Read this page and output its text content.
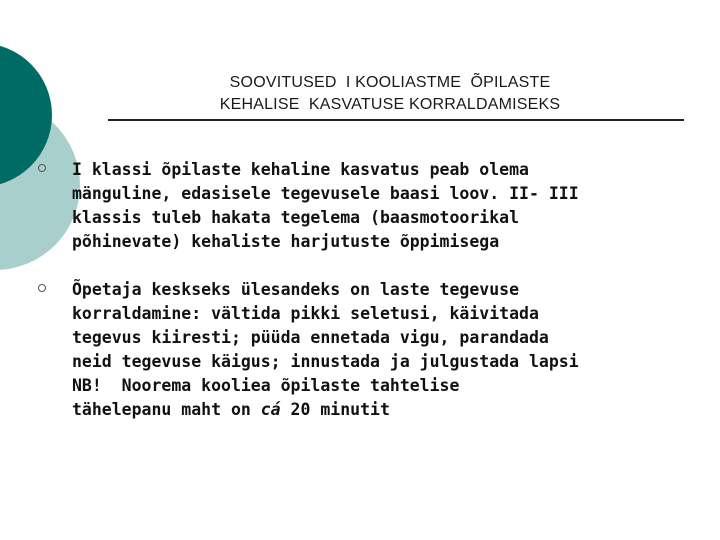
SOOVITUSED  I KOOLIASTME  ÕPILASTE
KEHALISE  KASVATUSE KORRALDAMISEKS
I klassi õpilaste kehaline kasvatus peab olema
mänguline, edasisele tegevusele baasi loov. II- III
klassis tuleb hakata tegelema (baasmotoorikal
põhinevate) kehaliste harjutuste õppimisega
Õpetaja keskseks ülesandeks on laste tegevuse
korraldamine: vältida pikki seletusi, käivitada
tegevus kiiresti; püüda ennetada vigu, parandada
neid tegevuse käigus; innustada ja julgustada lapsi
NB!  Noorema kooliea õpilaste tahtelise
tähelepanu maht on cá 20 minutit
